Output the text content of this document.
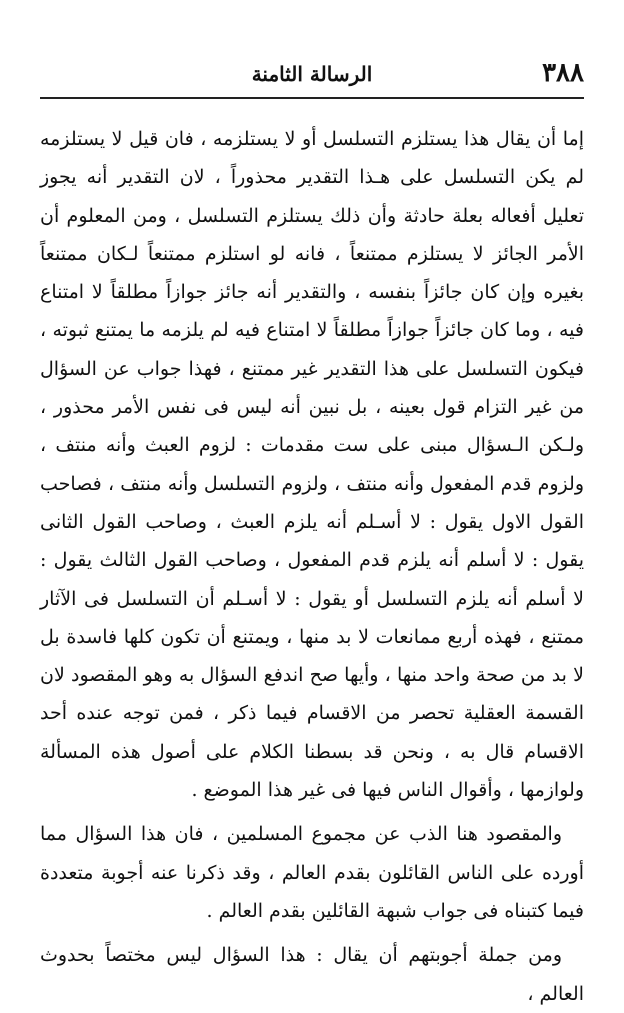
٣٨٨
الرسالة الثامنة

إما أن يقال هذا يستلزم التسلسل أو لا يستلزمه ، فان قيل لا يستلزمه لم يكن التسلسل على هـذا التقدير محذوراً ، لان التقدير أنه يجوز تعليل أفعاله بعلة حادثة وأن ذلك يستلزم التسلسل ، ومن المعلوم أن الأمر الجائز لا يستلزم ممتنعاً ، فانه لو استلزم ممتنعاً لـكان ممتنعاً بغيره وإن كان جائزاً بنفسه ، والتقدير أنه جائز جوازاً مطلقاً لا امتناع فيه ، وما كان جائزاً جوازاً مطلقاً لا امتناع فيه لم يلزمه ما يمتنع ثبوته ، فيكون التسلسل على هذا التقدير غير ممتنع ، فهذا جواب عن السؤال من غير التزام قول بعينه ، بل نبين أنه ليس فى نفس الأمر محذور ، ولـكن الـسؤال مبنى على ست مقدمات : لزوم العبث وأنه منتف ، ولزوم قدم المفعول وأنه منتف ، ولزوم التسلسل وأنه منتف ، فصاحب القول الاول يقول : لا أسـلم أنه يلزم العبث ، وصاحب القول الثانى يقول : لا أسلم أنه يلزم قدم المفعول ، وصاحب القول الثالث يقول : لا أسلم أنه يلزم التسلسل أو يقول : لا أسـلم أن التسلسل فى الآثار ممتنع ، فهذه أربع ممانعات لا بد منها ، ويمتنع أن تكون كلها فاسدة بل لا بد من صحة واحد منها ، وأيها صح اندفع السؤال به وهو المقصود لان القسمة العقلية تحصر من الاقسام فيما ذكر ، فمن توجه عنده أحد الاقسام قال به ، ونحن قد بسطنا الكلام على أصول هذه المسألة ولوازمها ، وأقوال الناس فيها فى غير هذا الموضع .

والمقصود هنا الذب عن مجموع المسلمين ، فان هذا السؤال مما أورده على الناس القائلون بقدم العالم ، وقد ذكرنا عنه أجوبة متعددة فيما كتبناه فى جواب شبهة القائلين بقدم العالم .

ومن جملة أجوبتهم أن يقال : هذا السؤال ليس مختصاً بحدوث العالم ،
